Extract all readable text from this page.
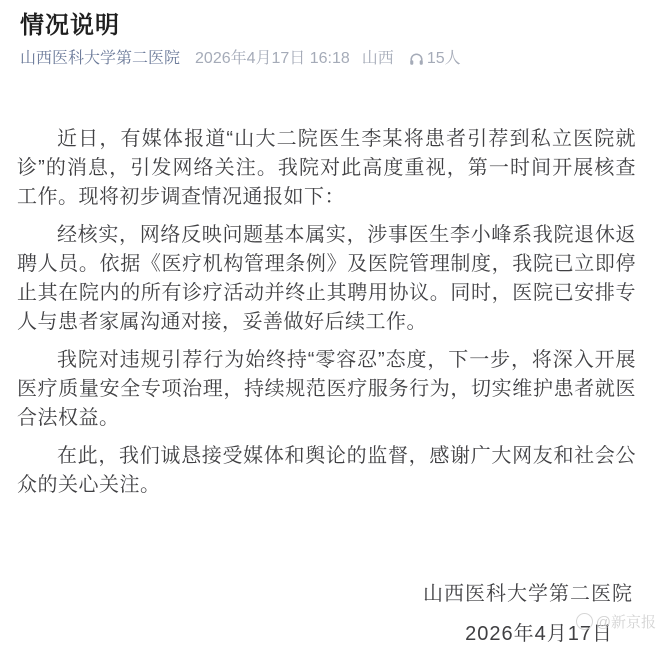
情况说明
山西医科大学第二医院 2026年4月17日 16:18 山西 15人

近日，有媒体报道“山大二院医生李某将患者引荐到私立医院就诊”的消息，引发网络关注。我院对此高度重视，第一时间开展核查工作。现将初步调查情况通报如下：

经核实，网络反映问题基本属实，涉事医生李小峰系我院退休返聘人员。依据《医疗机构管理条例》及医院管理制度，我院已立即停止其在院内的所有诊疗活动并终止其聘用协议。同时，医院已安排专人与患者家属沟通对接，妥善做好后续工作。

我院对违规引荐行为始终持“零容忍”态度，下一步，将深入开展医疗质量安全专项治理，持续规范医疗服务行为，切实维护患者就医合法权益。

在此，我们诚恳接受媒体和舆论的监督，感谢广大网友和社会公众的关心关注。

山西医科大学第二医院
2026年4月17日
@新京报
